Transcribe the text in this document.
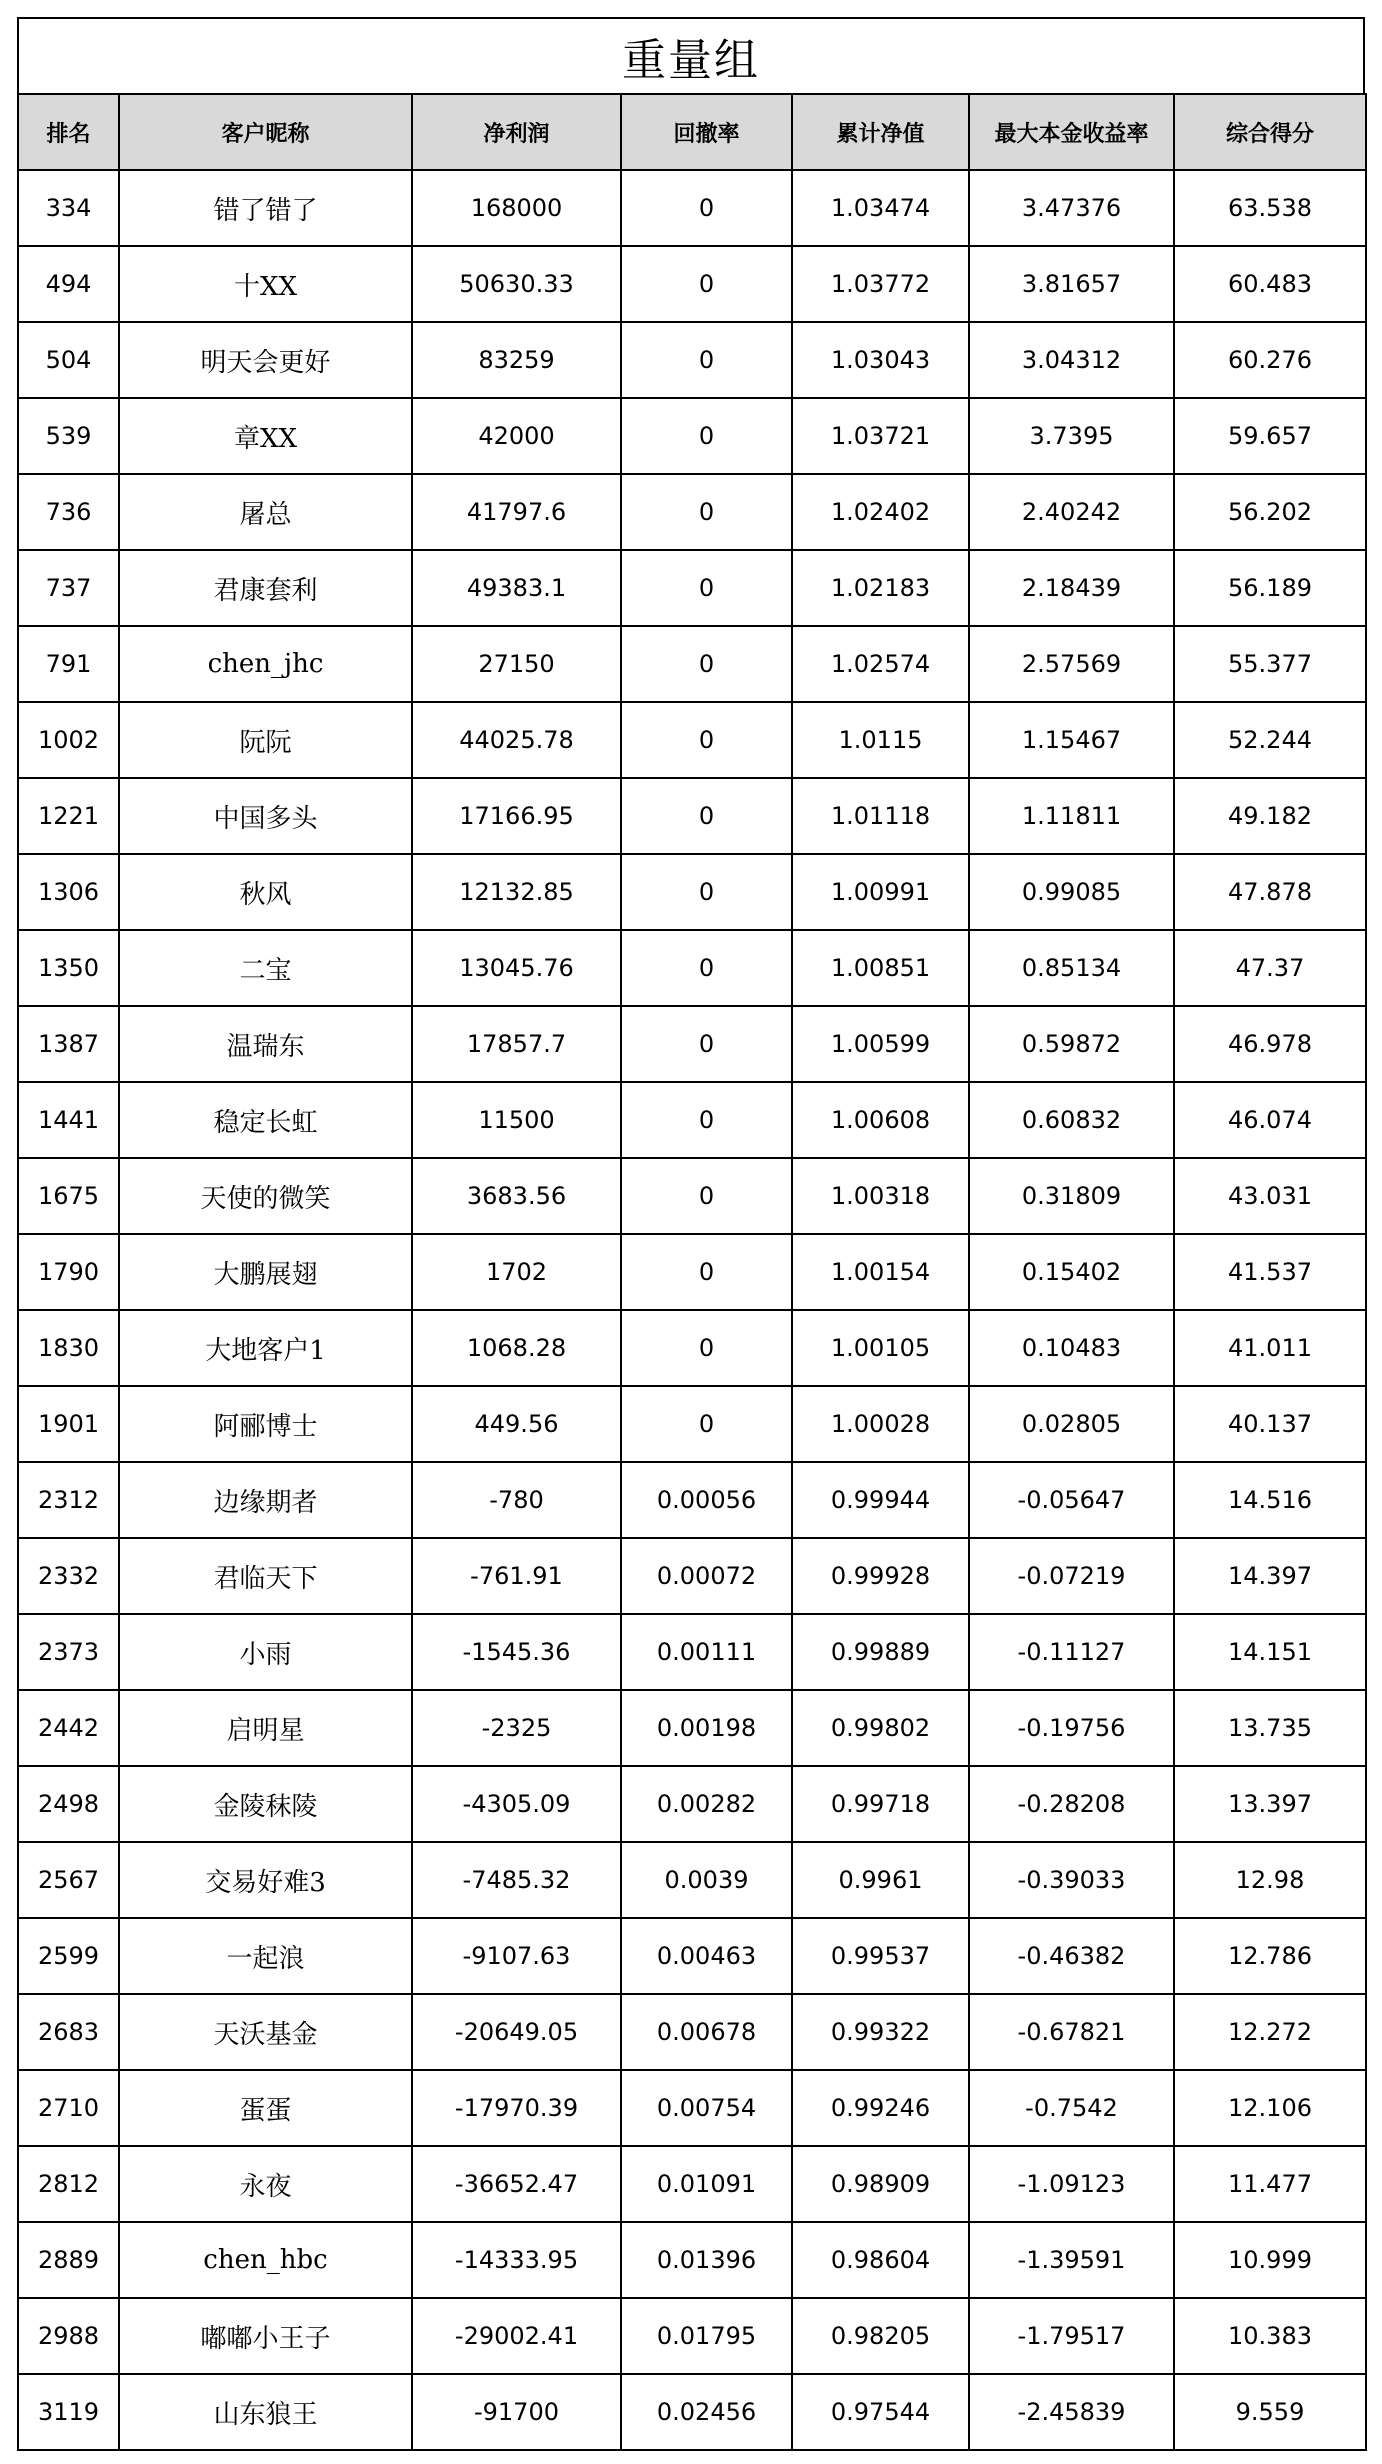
重量组
排名	客户昵称	净利润	回撤率	累计净值	最大本金收益率	综合得分
334	错了错了	168000	0	1.03474	3.47376	63.538
494	十XX	50630.33	0	1.03772	3.81657	60.483
504	明天会更好	83259	0	1.03043	3.04312	60.276
539	章XX	42000	0	1.03721	3.7395	59.657
736	屠总	41797.6	0	1.02402	2.40242	56.202
737	君康套利	49383.1	0	1.02183	2.18439	56.189
791	chen_jhc	27150	0	1.02574	2.57569	55.377
1002	阮阮	44025.78	0	1.0115	1.15467	52.244
1221	中国多头	17166.95	0	1.01118	1.11811	49.182
1306	秋风	12132.85	0	1.00991	0.99085	47.878
1350	二宝	13045.76	0	1.00851	0.85134	47.37
1387	温瑞东	17857.7	0	1.00599	0.59872	46.978
1441	稳定长虹	11500	0	1.00608	0.60832	46.074
1675	天使的微笑	3683.56	0	1.00318	0.31809	43.031
1790	大鹏展翅	1702	0	1.00154	0.15402	41.537
1830	大地客户1	1068.28	0	1.00105	0.10483	41.011
1901	阿郦博士	449.56	0	1.00028	0.02805	40.137
2312	边缘期者	-780	0.00056	0.99944	-0.05647	14.516
2332	君临天下	-761.91	0.00072	0.99928	-0.07219	14.397
2373	小雨	-1545.36	0.00111	0.99889	-0.11127	14.151
2442	启明星	-2325	0.00198	0.99802	-0.19756	13.735
2498	金陵秣陵	-4305.09	0.00282	0.99718	-0.28208	13.397
2567	交易好难3	-7485.32	0.0039	0.9961	-0.39033	12.98
2599	一起浪	-9107.63	0.00463	0.99537	-0.46382	12.786
2683	天沃基金	-20649.05	0.00678	0.99322	-0.67821	12.272
2710	蛋蛋	-17970.39	0.00754	0.99246	-0.7542	12.106
2812	永夜	-36652.47	0.01091	0.98909	-1.09123	11.477
2889	chen_hbc	-14333.95	0.01396	0.98604	-1.39591	10.999
2988	嘟嘟小王子	-29002.41	0.01795	0.98205	-1.79517	10.383
3119	山东狼王	-91700	0.02456	0.97544	-2.45839	9.559
